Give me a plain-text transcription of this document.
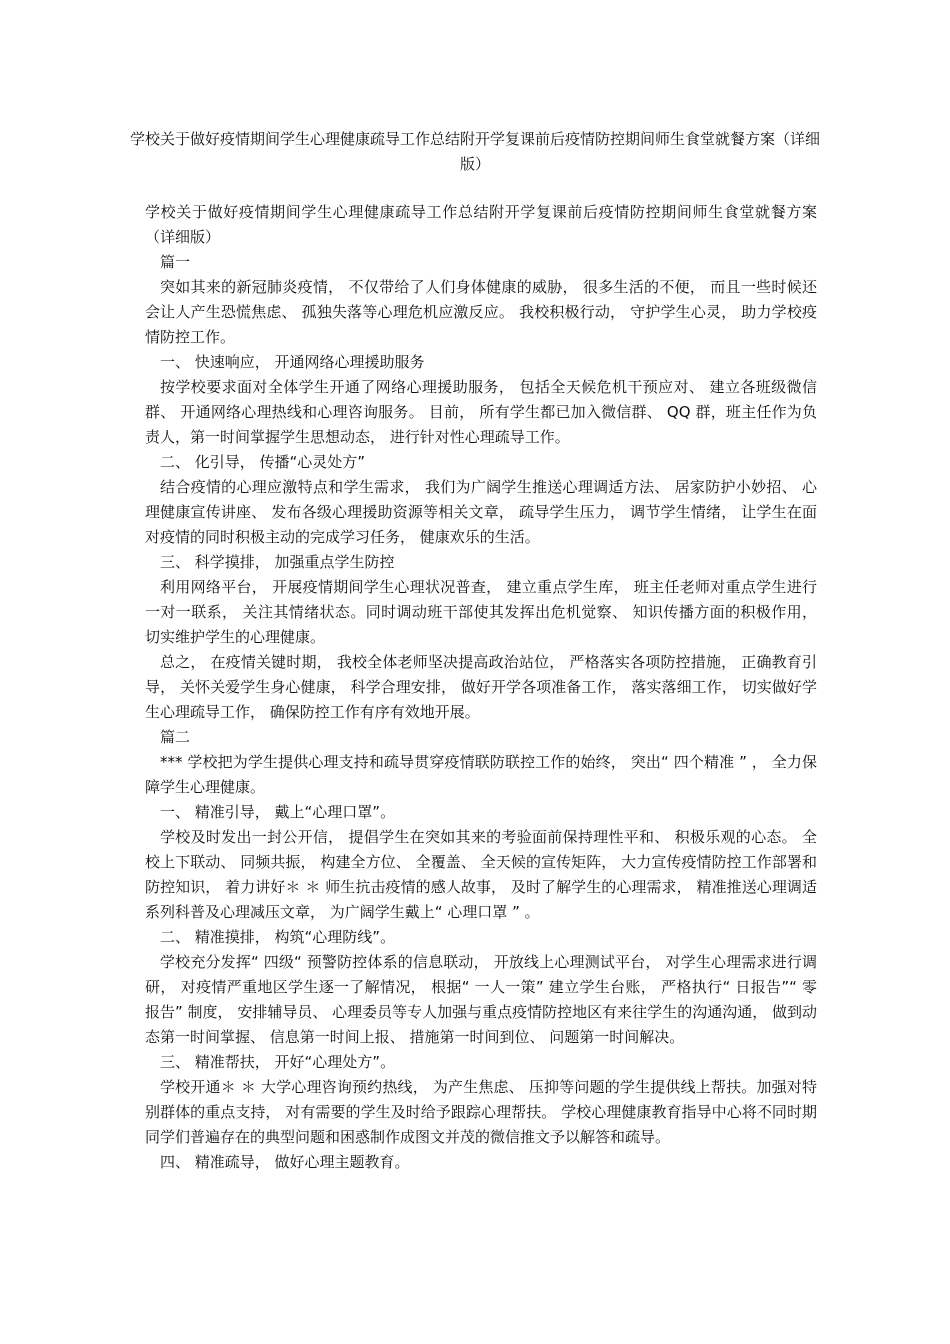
学校关于做好疫情期间学生心理健康疏导工作总结附开学复课前后疫情防控期间师生食堂就餐方案（详细版）

学校关于做好疫情期间学生心理健康疏导工作总结附开学复课前后疫情防控期间师生食堂就餐方案（详细版）

篇一

突如其来的新冠肺炎疫情， 不仅带给了人们身体健康的威胁， 很多生活的不便， 而且一些时候还会让人产生恐慌焦虑、 孤独失落等心理危机应激反应。 我校积极行动， 守护学生心灵， 助力学校疫情防控工作。

一、 快速响应， 开通网络心理援助服务

按学校要求面对全体学生开通了网络心理援助服务， 包括全天候危机干预应对、 建立各班级微信群、 开通网络心理热线和心理咨询服务。 目前， 所有学生都已加入微信群、 QQ 群，班主任作为负责人，第一时间掌握学生思想动态， 进行针对性心理疏导工作。

二、 化引导， 传播“心灵处方”

结合疫情的心理应激特点和学生需求， 我们为广阔学生推送心理调适方法、 居家防护小妙招、 心理健康宣传讲座、 发布各级心理援助资源等相关文章， 疏导学生压力， 调节学生情绪， 让学生在面对疫情的同时积极主动的完成学习任务， 健康欢乐的生活。

三、 科学摸排， 加强重点学生防控

利用网络平台， 开展疫情期间学生心理状况普查， 建立重点学生库， 班主任老师对重点学生进行一对一联系， 关注其情绪状态。同时调动班干部使其发挥出危机觉察、 知识传播方面的积极作用， 切实维护学生的心理健康。

总之， 在疫情关键时期， 我校全体老师坚决提高政治站位， 严格落实各项防控措施， 正确教育引导， 关怀关爱学生身心健康， 科学合理安排， 做好开学各项准备工作， 落实落细工作， 切实做好学生心理疏导工作， 确保防控工作有序有效地开展。

篇二

*** 学校把为学生提供心理支持和疏导贯穿疫情联防联控工作的始终， 突出“ 四个精准 ” ， 全力保障学生心理健康。

一、 精准引导， 戴上“心理口罩”。

学校及时发出一封公开信， 提倡学生在突如其来的考验面前保持理性平和、 积极乐观的心态。 全校上下联动、 同频共振， 构建全方位、 全覆盖、 全天候的宣传矩阵， 大力宣传疫情防控工作部署和防控知识， 着力讲好＊ ＊ 师生抗击疫情的感人故事， 及时了解学生的心理需求， 精准推送心理调适系列科普及心理减压文章， 为广阔学生戴上“ 心理口罩 ” 。

二、 精准摸排， 构筑“心理防线”。

学校充分发挥“ 四级“ 预警防控体系的信息联动， 开放线上心理测试平台， 对学生心理需求进行调研， 对疫情严重地区学生逐一了解情况， 根据“ 一人一策” 建立学生台账， 严格执行“ 日报告”“ 零报告” 制度， 安排辅导员、 心理委员等专人加强与重点疫情防控地区有来往学生的沟通沟通， 做到动态第一时间掌握、 信息第一时间上报、 措施第一时间到位、 问题第一时间解决。

三、 精准帮扶， 开好“心理处方”。

学校开通＊ ＊ 大学心理咨询预约热线， 为产生焦虑、 压抑等问题的学生提供线上帮扶。加强对特别群体的重点支持， 对有需要的学生及时给予跟踪心理帮扶。 学校心理健康教育指导中心将不同时期同学们普遍存在的典型问题和困惑制作成图文并茂的微信推文予以解答和疏导。

四、 精准疏导， 做好心理主题教育。
